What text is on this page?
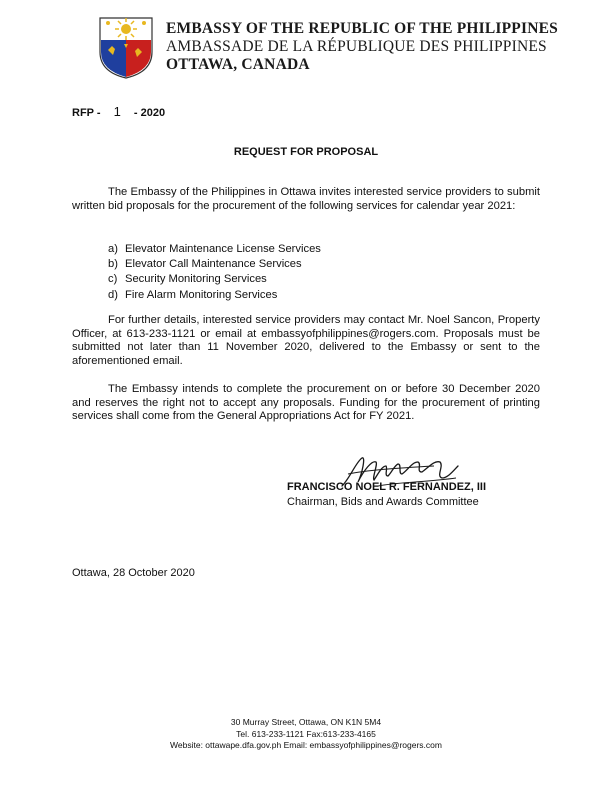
EMBASSY OF THE REPUBLIC OF THE PHILIPPINES
AMBASSADE DE LA RÉPUBLIQUE DES PHILIPPINES
OTTAWA, CANADA
RFP - 1 - 2020
REQUEST FOR PROPOSAL
The Embassy of the Philippines in Ottawa invites interested service providers to submit written bid proposals for the procurement of the following services for calendar year 2021:
a) Elevator Maintenance License Services
b) Elevator Call Maintenance Services
c) Security Monitoring Services
d) Fire Alarm Monitoring Services
For further details, interested service providers may contact Mr. Noel Sancon, Property Officer, at 613-233-1121 or email at embassyofphilippines@rogers.com. Proposals must be submitted not later than 11 November 2020, delivered to the Embassy or sent to the aforementioned email.
The Embassy intends to complete the procurement on or before 30 December 2020 and reserves the right not to accept any proposals. Funding for the procurement of printing services shall come from the General Appropriations Act for FY 2021.
FRANCISCO NOEL R. FERNANDEZ, III
Chairman, Bids and Awards Committee
Ottawa, 28 October 2020
30 Murray Street, Ottawa, ON K1N 5M4
Tel. 613-233-1121 Fax:613-233-4165
Website: ottawape.dfa.gov.ph Email: embassyofphilippines@rogers.com
